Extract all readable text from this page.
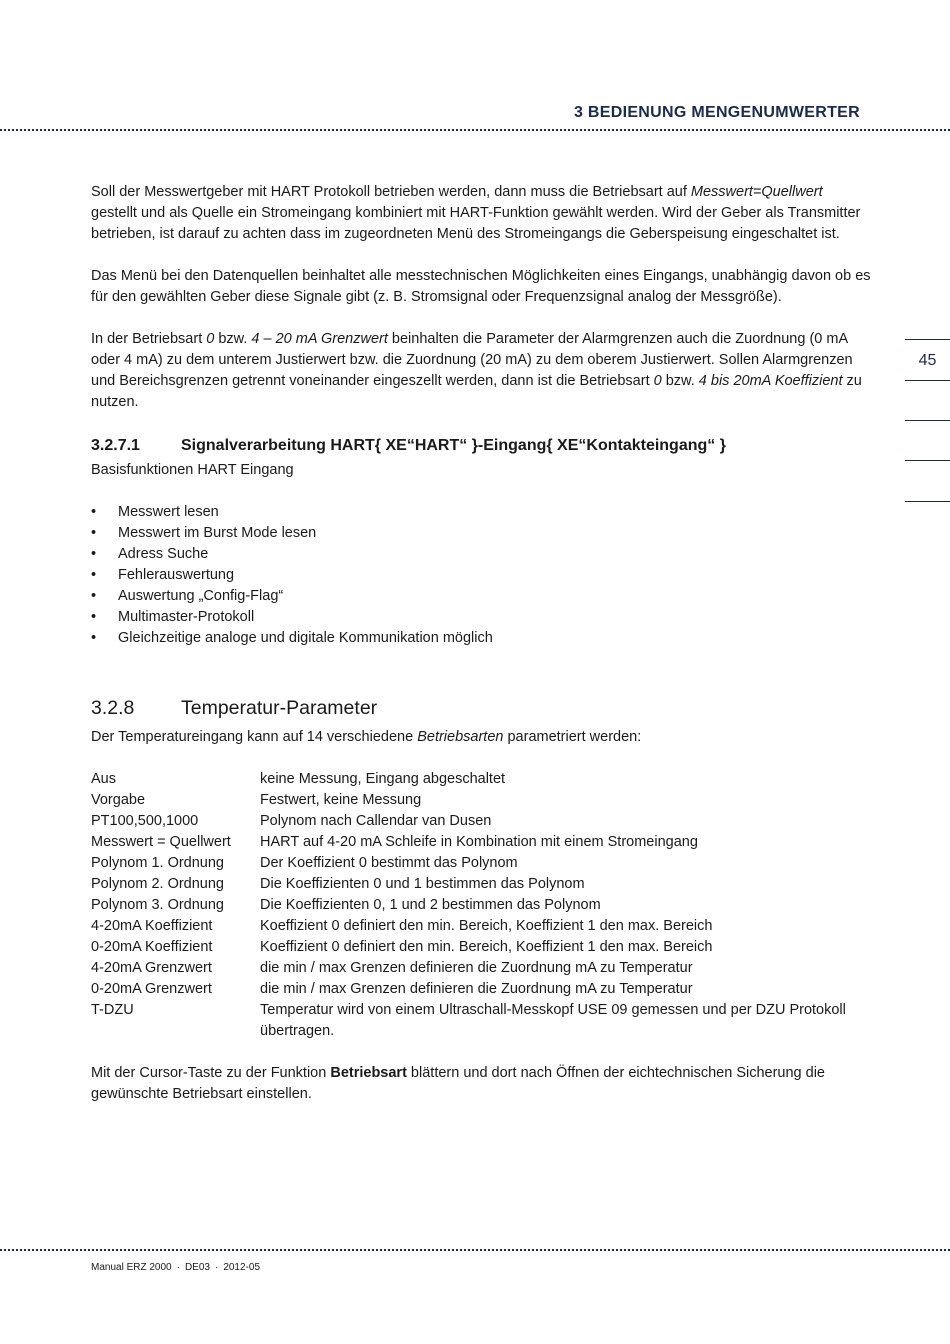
3 BEDIENUNG MENGENUMWERTER
45

Soll der Messwertgeber mit HART Protokoll betrieben werden, dann muss die Betriebsart auf Messwert=Quellwert gestellt und als Quelle ein Stromeingang kombiniert mit HART-Funktion gewählt werden. Wird der Geber als Transmitter betrieben, ist darauf zu achten dass im zugeordneten Menü des Stromeingangs die Geberspeisung eingeschaltet ist.

Das Menü bei den Datenquellen beinhaltet alle messtechnischen Möglichkeiten eines Eingangs, unabhängig davon ob es für den gewählten Geber diese Signale gibt (z. B. Stromsignal oder Frequenzsignal analog der Messgröße).

In der Betriebsart 0 bzw. 4 – 20 mA Grenzwert beinhalten die Parameter der Alarmgrenzen auch die Zuordnung (0 mA oder 4 mA) zu dem unterem Justierwert bzw. die Zuordnung (20 mA) zu dem oberem Justierwert. Sollen Alarmgrenzen und Bereichsgrenzen getrennt voneinander eingeszellt werden, dann ist die Betriebsart 0 bzw. 4 bis 20mA Koeffizient zu nutzen.

3.2.7.1	Signalverarbeitung HART{ XE“HART“ }-Eingang{ XE“Kontakteingang“ }

Basisfunktionen HART Eingang

• Messwert lesen
• Messwert im Burst Mode lesen
• Adress Suche
• Fehlerauswertung
• Auswertung „Config-Flag“
• Multimaster-Protokoll
• Gleichzeitige analoge und digitale Kommunikation möglich
3.2.8	Temperatur-Parameter

Der Temperatureingang kann auf 14 verschiedene Betriebsarten parametriert werden:

Aus	keine Messung, Eingang abgeschaltet
Vorgabe	Festwert, keine Messung
PT100,500,1000	Polynom nach Callendar van Dusen
Messwert = Quellwert	HART auf 4-20 mA Schleife in Kombination mit einem Stromeingang
Polynom 1. Ordnung	Der Koeffizient 0 bestimmt das Polynom
Polynom 2. Ordnung	Die Koeffizienten 0 und 1 bestimmen das Polynom
Polynom 3. Ordnung	Die Koeffizienten 0, 1 und 2 bestimmen das Polynom
4-20mA Koeffizient	Koeffizient 0 definiert den min. Bereich, Koeffizient 1 den max. Bereich
0-20mA Koeffizient	Koeffizient 0 definiert den min. Bereich, Koeffizient 1 den max. Bereich
4-20mA Grenzwert	die min / max Grenzen definieren die Zuordnung mA zu Temperatur
0-20mA Grenzwert	die min / max Grenzen definieren die Zuordnung mA zu Temperatur
T-DZU	Temperatur wird von einem Ultraschall-Messkopf USE 09 gemessen und per DZU Protokoll übertragen.

Mit der Cursor-Taste zu der Funktion Betriebsart blättern und dort nach Öffnen der eichtechnischen Sicherung die gewünschte Betriebsart einstellen.

Manual ERZ 2000 · DE03 · 2012-05
